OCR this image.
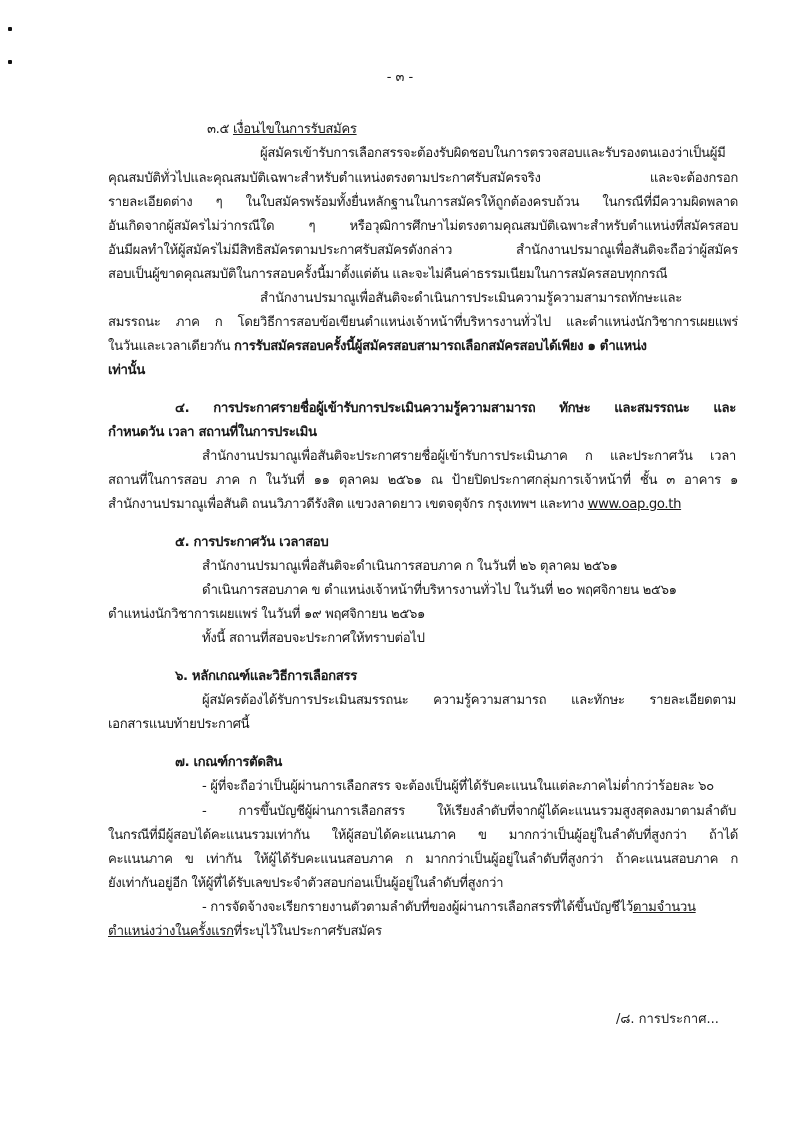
- ๓ -
๓.๕ เงื่อนไขในการรับสมัคร
ผู้สมัครเข้ารับการเลือกสรรจะต้องรับผิดชอบในการตรวจสอบและรับรองตนเองว่าเป็นผู้มี
คุณสมบัติทั่วไปและคุณสมบัติเฉพาะสำหรับตำแหน่งตรงตามประกาศรับสมัครจริง และจะต้องกรอก
รายละเอียดต่าง ๆ ในใบสมัครพร้อมทั้งยื่นหลักฐานในการสมัครให้ถูกต้องครบถ้วน ในกรณีที่มีความผิดพลาด
อันเกิดจากผู้สมัครไม่ว่ากรณีใด ๆ หรือวุฒิการศึกษาไม่ตรงตามคุณสมบัติเฉพาะสำหรับตำแหน่งที่สมัครสอบ
อันมีผลทำให้ผู้สมัครไม่มีสิทธิสมัครตามประกาศรับสมัครดังกล่าว สำนักงานปรมาณูเพื่อสันติจะถือว่าผู้สมัคร
สอบเป็นผู้ขาดคุณสมบัติในการสอบครั้งนี้มาตั้งแต่ต้น และจะไม่คืนค่าธรรมเนียมในการสมัครสอบทุกกรณี
สำนักงานปรมาณูเพื่อสันติจะดำเนินการประเมินความรู้ความสามารถทักษะและ
สมรรถนะ ภาค ก โดยวิธีการสอบข้อเขียนตำแหน่งเจ้าหน้าที่บริหารงานทั่วไป และตำแหน่งนักวิชาการเผยแพร่
ในวันและเวลาเดียวกัน การรับสมัครสอบครั้งนี้ผู้สมัครสอบสามารถเลือกสมัครสอบได้เพียง ๑ ตำแหน่ง
เท่านั้น
๔. การประกาศรายชื่อผู้เข้ารับการประเมินความรู้ความสามารถ ทักษะ และสมรรถนะ และ
กำหนดวัน เวลา สถานที่ในการประเมิน
สำนักงานปรมาณูเพื่อสันติจะประกาศรายชื่อผู้เข้ารับการประเมินภาค ก และประกาศวัน เวลา
สถานที่ในการสอบ ภาค ก ในวันที่ ๑๑ ตุลาคม ๒๕๖๑ ณ ป้ายปิดประกาศกลุ่มการเจ้าหน้าที่ ชั้น ๓ อาคาร ๑
สำนักงานปรมาณูเพื่อสันติ ถนนวิภาวดีรังสิต แขวงลาดยาว เขตจตุจักร กรุงเทพฯ และทาง www.oap.go.th
๕. การประกาศวัน เวลาสอบ
สำนักงานปรมาณูเพื่อสันติจะดำเนินการสอบภาค ก ในวันที่ ๒๖ ตุลาคม ๒๕๖๑
ดำเนินการสอบภาค ข ตำแหน่งเจ้าหน้าที่บริหารงานทั่วไป ในวันที่ ๒๐ พฤศจิกายน ๒๕๖๑
ตำแหน่งนักวิชาการเผยแพร่ ในวันที่ ๑๙ พฤศจิกายน ๒๕๖๑
ทั้งนี้ สถานที่สอบจะประกาศให้ทราบต่อไป
๖. หลักเกณฑ์และวิธีการเลือกสรร
ผู้สมัครต้องได้รับการประเมินสมรรถนะ ความรู้ความสามารถ และทักษะ รายละเอียดตาม
เอกสารแนบท้ายประกาศนี้
๗. เกณฑ์การตัดสิน
- ผู้ที่จะถือว่าเป็นผู้ผ่านการเลือกสรร จะต้องเป็นผู้ที่ได้รับคะแนนในแต่ละภาคไม่ต่ำกว่าร้อยละ ๖๐
- การขึ้นบัญชีผู้ผ่านการเลือกสรร ให้เรียงลำดับที่จากผู้ได้คะแนนรวมสูงสุดลงมาตามลำดับ
ในกรณีที่มีผู้สอบได้คะแนนรวมเท่ากัน ให้ผู้สอบได้คะแนนภาค ข มากกว่าเป็นผู้อยู่ในลำดับที่สูงกว่า ถ้าได้
คะแนนภาค ข เท่ากัน ให้ผู้ได้รับคะแนนสอบภาค ก มากกว่าเป็นผู้อยู่ในลำดับที่สูงกว่า ถ้าคะแนนสอบภาค ก
ยังเท่ากันอยู่อีก ให้ผู้ที่ได้รับเลขประจำตัวสอบก่อนเป็นผู้อยู่ในลำดับที่สูงกว่า
- การจัดจ้างจะเรียกรายงานตัวตามลำดับที่ของผู้ผ่านการเลือกสรรที่ได้ขึ้นบัญชีไว้ตามจำนวน
ตำแหน่งว่างในครั้งแรกที่ระบุไว้ในประกาศรับสมัคร
/๘. การประกาศ...
